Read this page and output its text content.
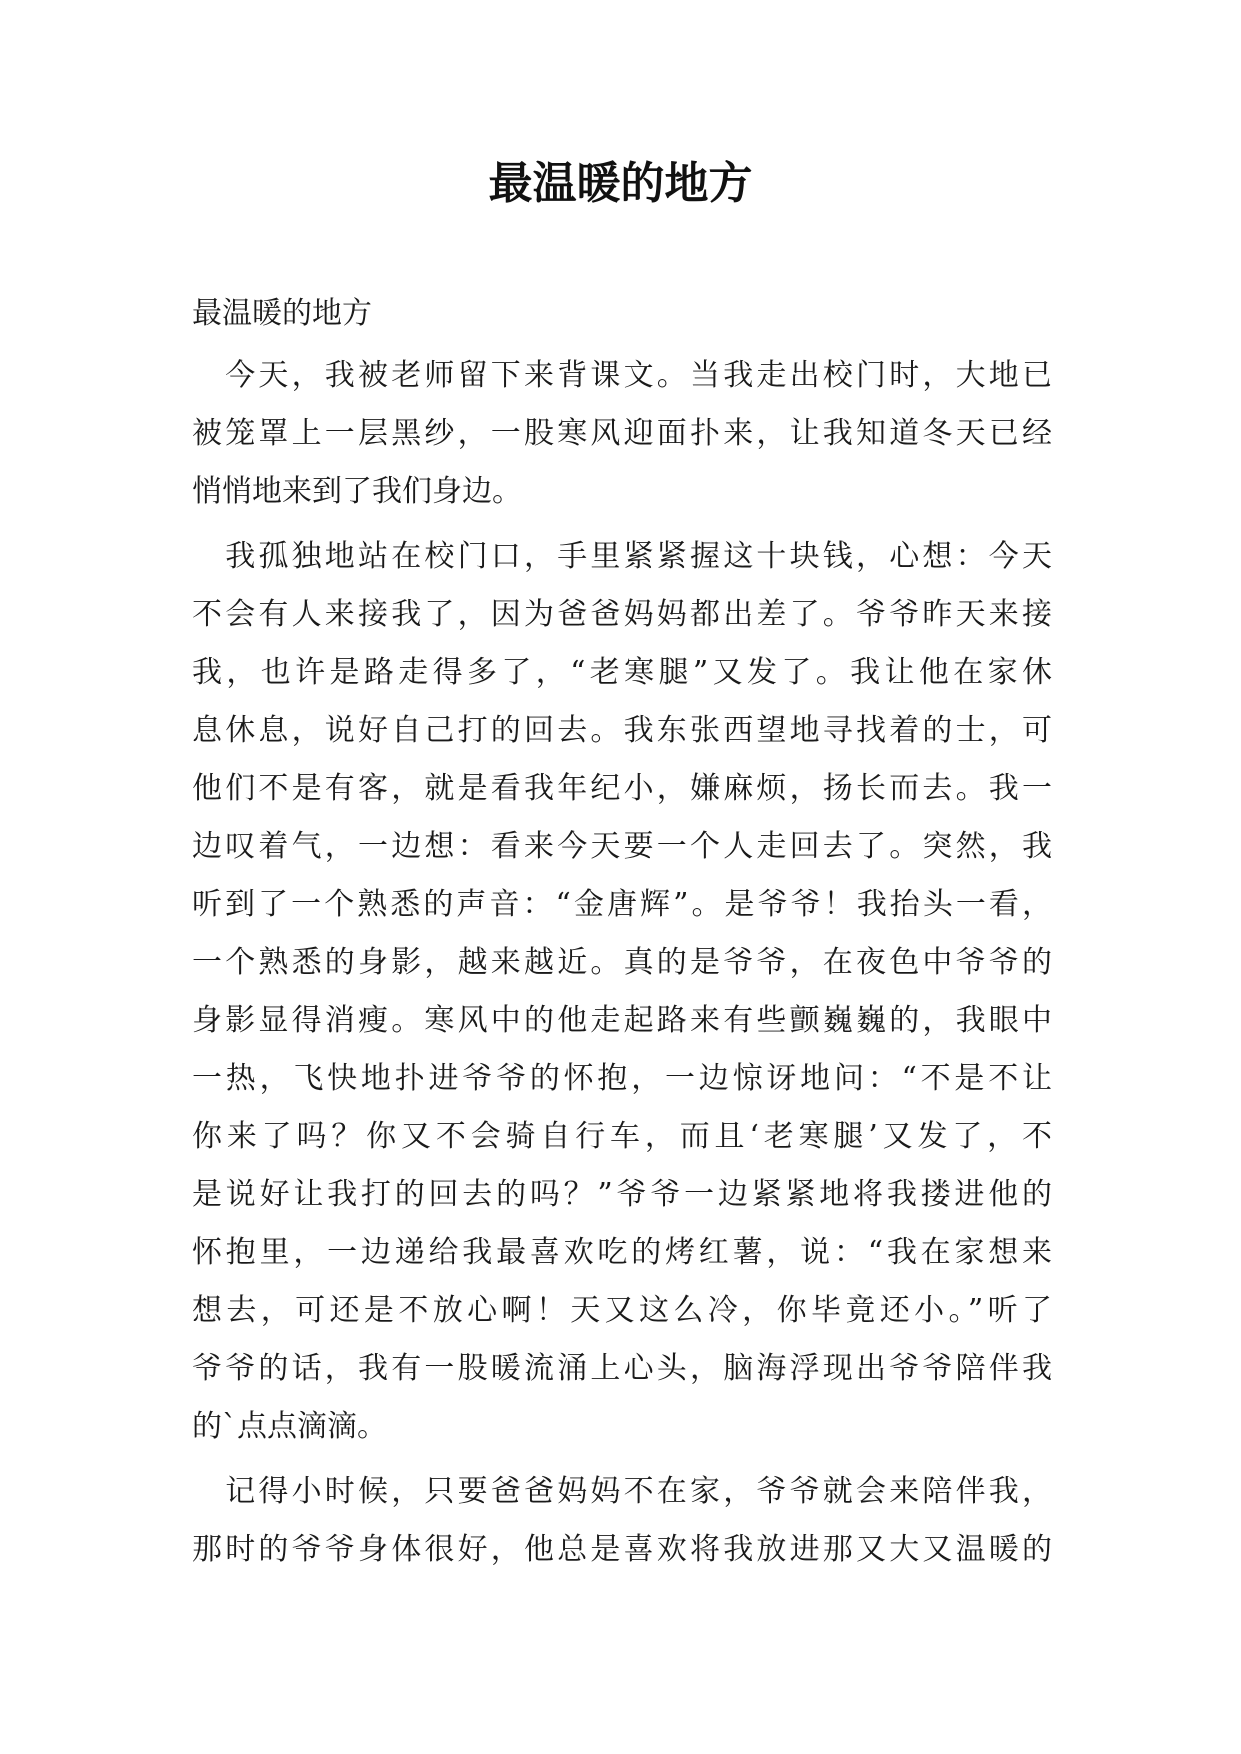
最温暖的地方

最温暖的地方

　今天，我被老师留下来背课文。当我走出校门时，大地已
被笼罩上一层黑纱，一股寒风迎面扑来，让我知道冬天已经
悄悄地来到了我们身边。

　我孤独地站在校门口，手里紧紧握这十块钱，心想：今天
不会有人来接我了，因为爸爸妈妈都出差了。爷爷昨天来接
我，也许是路走得多了，“老寒腿”又发了。我让他在家休
息休息，说好自己打的回去。我东张西望地寻找着的士，可
他们不是有客，就是看我年纪小，嫌麻烦，扬长而去。我一
边叹着气，一边想：看来今天要一个人走回去了。突然，我
听到了一个熟悉的声音：“金唐辉”。是爷爷！我抬头一看，
一个熟悉的身影，越来越近。真的是爷爷，在夜色中爷爷的
身影显得消瘦。寒风中的他走起路来有些颤巍巍的，我眼中
一热，飞快地扑进爷爷的怀抱，一边惊讶地问：“不是不让
你来了吗？你又不会骑自行车，而且‘老寒腿’又发了，不
是说好让我打的回去的吗？”爷爷一边紧紧地将我搂进他的
怀抱里，一边递给我最喜欢吃的烤红薯，说：“我在家想来
想去，可还是不放心啊！天又这么冷，你毕竟还小。”听了
爷爷的话，我有一股暖流涌上心头，脑海浮现出爷爷陪伴我
的`点点滴滴。

　记得小时候，只要爸爸妈妈不在家，爷爷就会来陪伴我，
那时的爷爷身体很好，他总是喜欢将我放进那又大又温暖的
